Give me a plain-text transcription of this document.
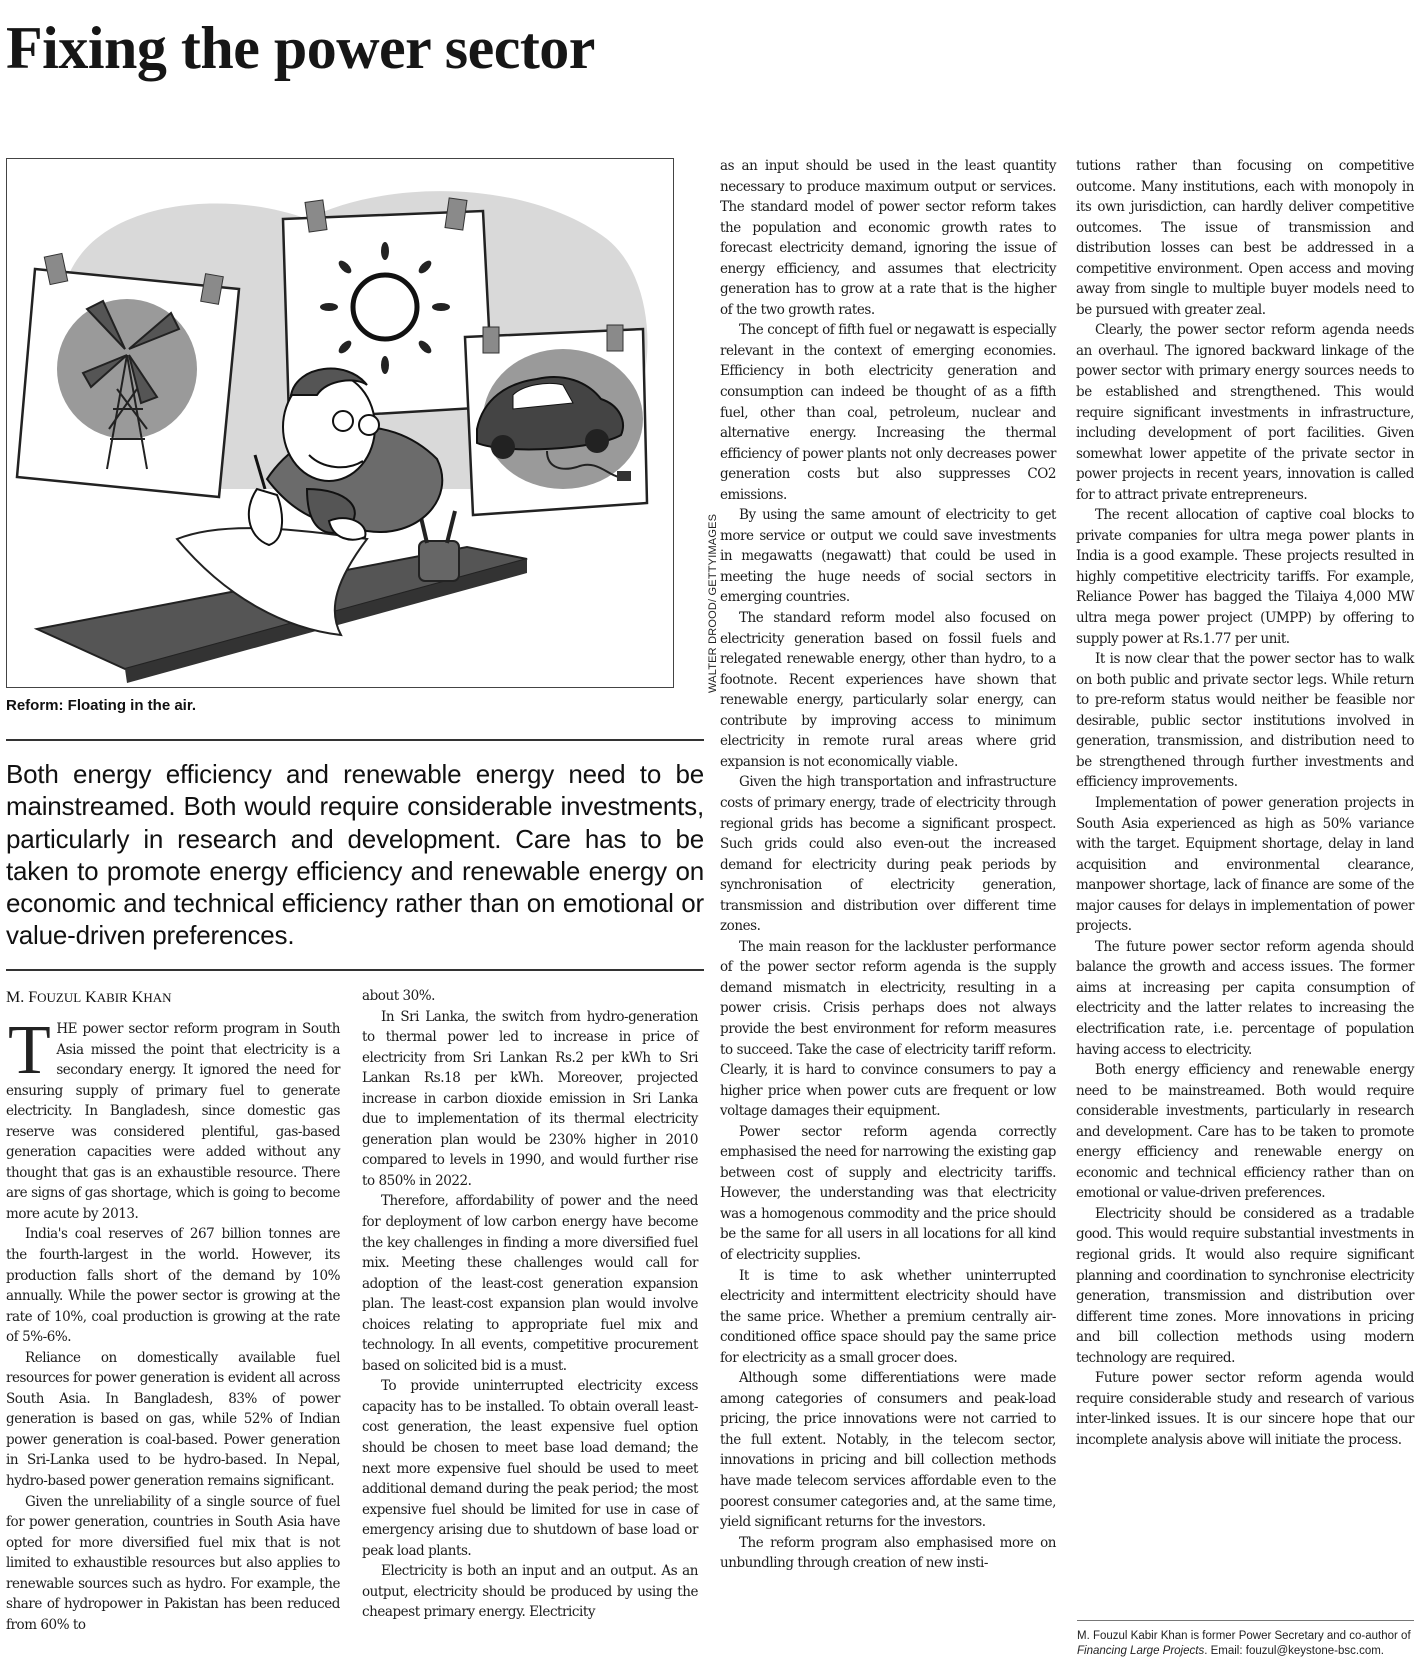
Fixing the power sector
WALTER DROOD/ GETTYIMAGES
Reform: Floating in the air.

Both energy efficiency and renewable energy need to be mainstreamed. Both would require considerable investments, particularly in research and development. Care has to be taken to promote energy efficiency and renewable energy on economic and technical efficiency rather than on emotional or value-driven preferences.

M. FOUZUL KABIR KHAN

THE power sector reform program in South Asia missed the point that electricity is a secondary energy. It ignored the need for ensuring supply of primary fuel to generate electricity. In Bangladesh, since domestic gas reserve was considered plentiful, gas-based generation capacities were added without any thought that gas is an exhaustible resource. There are signs of gas shortage, which is going to become more acute by 2013.

India's coal reserves of 267 billion tonnes are the fourth-largest in the world. However, its production falls short of the demand by 10% annually. While the power sector is growing at the rate of 10%, coal production is growing at the rate of 5%-6%.

Reliance on domestically available fuel resources for power generation is evident all across South Asia. In Bangladesh, 83% of power generation is based on gas, while 52% of Indian power generation is coal-based. Power generation in Sri-Lanka used to be hydro-based. In Nepal, hydro-based power generation remains significant.

Given the unreliability of a single source of fuel for power generation, countries in South Asia have opted for more diversified fuel mix that is not limited to exhaustible resources but also applies to renewable sources such as hydro. For example, the share of hydropower in Pakistan has been reduced from 60% to

about 30%.

In Sri Lanka, the switch from hydro-generation to thermal power led to increase in price of electricity from Sri Lankan Rs.2 per kWh to Sri Lankan Rs.18 per kWh. Moreover, projected increase in carbon dioxide emission in Sri Lanka due to implementation of its thermal electricity generation plan would be 230% higher in 2010 compared to levels in 1990, and would further rise to 850% in 2022.

Therefore, affordability of power and the need for deployment of low carbon energy have become the key challenges in finding a more diversified fuel mix. Meeting these challenges would call for adoption of the least-cost generation expansion plan. The least-cost expansion plan would involve choices relating to appropriate fuel mix and technology. In all events, competitive procurement based on solicited bid is a must.

To provide uninterrupted electricity excess capacity has to be installed. To obtain overall least-cost generation, the least expensive fuel option should be chosen to meet base load demand; the next more expensive fuel should be used to meet additional demand during the peak period; the most expensive fuel should be limited for use in case of emergency arising due to shutdown of base load or peak load plants.

Electricity is both an input and an output. As an output, electricity should be produced by using the cheapest primary energy. Electricity

as an input should be used in the least quantity necessary to produce maximum output or services. The standard model of power sector reform takes the population and economic growth rates to forecast electricity demand, ignoring the issue of energy efficiency, and assumes that electricity generation has to grow at a rate that is the higher of the two growth rates.

The concept of fifth fuel or negawatt is especially relevant in the context of emerging economies. Efficiency in both electricity generation and consumption can indeed be thought of as a fifth fuel, other than coal, petroleum, nuclear and alternative energy. Increasing the thermal efficiency of power plants not only decreases power generation costs but also suppresses CO2 emissions.

By using the same amount of electricity to get more service or output we could save investments in megawatts (negawatt) that could be used in meeting the huge needs of social sectors in emerging countries.

The standard reform model also focused on electricity generation based on fossil fuels and relegated renewable energy, other than hydro, to a footnote. Recent experiences have shown that renewable energy, particularly solar energy, can contribute by improving access to minimum electricity in remote rural areas where grid expansion is not economically viable.

Given the high transportation and infrastructure costs of primary energy, trade of electricity through regional grids has become a significant prospect. Such grids could also even-out the increased demand for electricity during peak periods by synchronisation of electricity generation, transmission and distribution over different time zones.

The main reason for the lackluster performance of the power sector reform agenda is the supply demand mismatch in electricity, resulting in a power crisis. Crisis perhaps does not always provide the best environment for reform measures to succeed. Take the case of electricity tariff reform. Clearly, it is hard to convince consumers to pay a higher price when power cuts are frequent or low voltage damages their equipment.

Power sector reform agenda correctly emphasised the need for narrowing the existing gap between cost of supply and electricity tariffs. However, the understanding was that electricity was a homogenous commodity and the price should be the same for all users in all locations for all kind of electricity supplies.

It is time to ask whether uninterrupted electricity and intermittent electricity should have the same price. Whether a premium centrally air-conditioned office space should pay the same price for electricity as a small grocer does.

Although some differentiations were made among categories of consumers and peak-load pricing, the price innovations were not carried to the full extent. Notably, in the telecom sector, innovations in pricing and bill collection methods have made telecom services affordable even to the poorest consumer categories and, at the same time, yield significant returns for the investors.

The reform program also emphasised more on unbundling through creation of new insti-

tutions rather than focusing on competitive outcome. Many institutions, each with monopoly in its own jurisdiction, can hardly deliver competitive outcomes. The issue of transmission and distribution losses can best be addressed in a competitive environment. Open access and moving away from single to multiple buyer models need to be pursued with greater zeal.

Clearly, the power sector reform agenda needs an overhaul. The ignored backward linkage of the power sector with primary energy sources needs to be established and strengthened. This would require significant investments in infrastructure, including development of port facilities. Given somewhat lower appetite of the private sector in power projects in recent years, innovation is called for to attract private entrepreneurs.

The recent allocation of captive coal blocks to private companies for ultra mega power plants in India is a good example. These projects resulted in highly competitive electricity tariffs. For example, Reliance Power has bagged the Tilaiya 4,000 MW ultra mega power project (UMPP) by offering to supply power at Rs.1.77 per unit.

It is now clear that the power sector has to walk on both public and private sector legs. While return to pre-reform status would neither be feasible nor desirable, public sector institutions involved in generation, transmission, and distribution need to be strengthened through further investments and efficiency improvements.

Implementation of power generation projects in South Asia experienced as high as 50% variance with the target. Equipment shortage, delay in land acquisition and environmental clearance, manpower shortage, lack of finance are some of the major causes for delays in implementation of power projects.

The future power sector reform agenda should balance the growth and access issues. The former aims at increasing per capita consumption of electricity and the latter relates to increasing the electrification rate, i.e. percentage of population having access to electricity.

Both energy efficiency and renewable energy need to be mainstreamed. Both would require considerable investments, particularly in research and development. Care has to be taken to promote energy efficiency and renewable energy on economic and technical efficiency rather than on emotional or value-driven preferences.

Electricity should be considered as a tradable good. This would require substantial investments in regional grids. It would also require significant planning and coordination to synchronise electricity generation, transmission and distribution over different time zones. More innovations in pricing and bill collection methods using modern technology are required.

Future power sector reform agenda would require considerable study and research of various inter-linked issues. It is our sincere hope that our incomplete analysis above will initiate the process.

M. Fouzul Kabir Khan is former Power Secretary and co-author of
Financing Large Projects. Email: fouzul@keystone-bsc.com.
